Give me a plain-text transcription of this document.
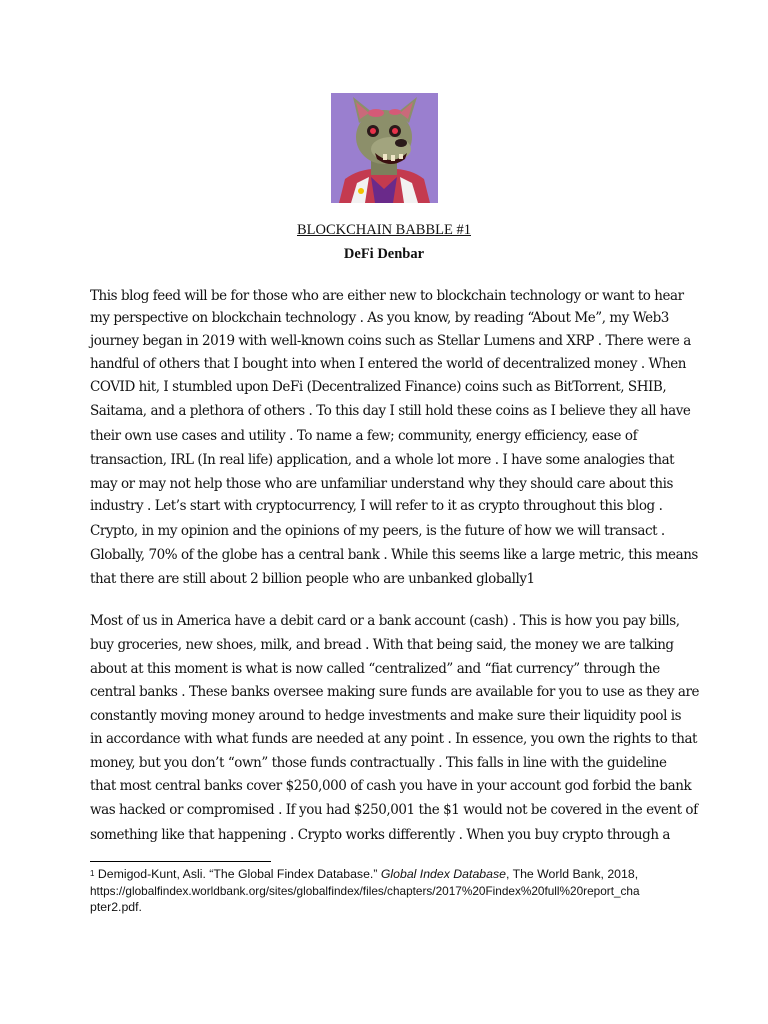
BLOCKCHAIN BABBLE #1
DeFi Denbar

This blog feed will be for those who are either new to blockchain technology or want to hear

my perspective on blockchain technology . As you know, by reading “About Me”, my Web3

journey began in 2019 with well-known coins such as Stellar Lumens and XRP . There were a

handful of others that I bought into when I entered the world of decentralized money . When

COVID hit, I stumbled upon DeFi (Decentralized Finance) coins such as BitTorrent, SHIB,

Saitama, and a plethora of others . To this day I still hold these coins as I believe they all have

their own use cases and utility . To name a few; community, energy efficiency, ease of

transaction, IRL (In real life) application, and a whole lot more . I have some analogies that

may or may not help those who are unfamiliar understand why they should care about this

industry . Let’s start with cryptocurrency, I will refer to it as crypto throughout this blog .

Crypto, in my opinion and the opinions of my peers, is the future of how we will transact .

Globally, 70% of the globe has a central bank . While this seems like a large metric, this means

that there are still about 2 billion people who are unbanked globally1

Most of us in America have a debit card or a bank account (cash) . This is how you pay bills,

buy groceries, new shoes, milk, and bread . With that being said, the money we are talking

about at this moment is what is now called “centralized” and “fiat currency” through the

central banks . These banks oversee making sure funds are available for you to use as they are

constantly moving money around to hedge investments and make sure their liquidity pool is

in accordance with what funds are needed at any point . In essence, you own the rights to that

money, but you don’t “own” those funds contractually . This falls in line with the guideline

that most central banks cover $250,000 of cash you have in your account god forbid the bank

was hacked or compromised . If you had $250,001 the $1 would not be covered in the event of

something like that happening . Crypto works differently . When you buy crypto through a

$^1$ Demigod-Kunt, Asli. “The Global Findex Database.” Global Index Database, The World Bank, 2018,

https://globalfindex.worldbank.org/sites/globalfindex/files/chapters/2017%20Findex%20full%20report_cha

pter2.pdf.
